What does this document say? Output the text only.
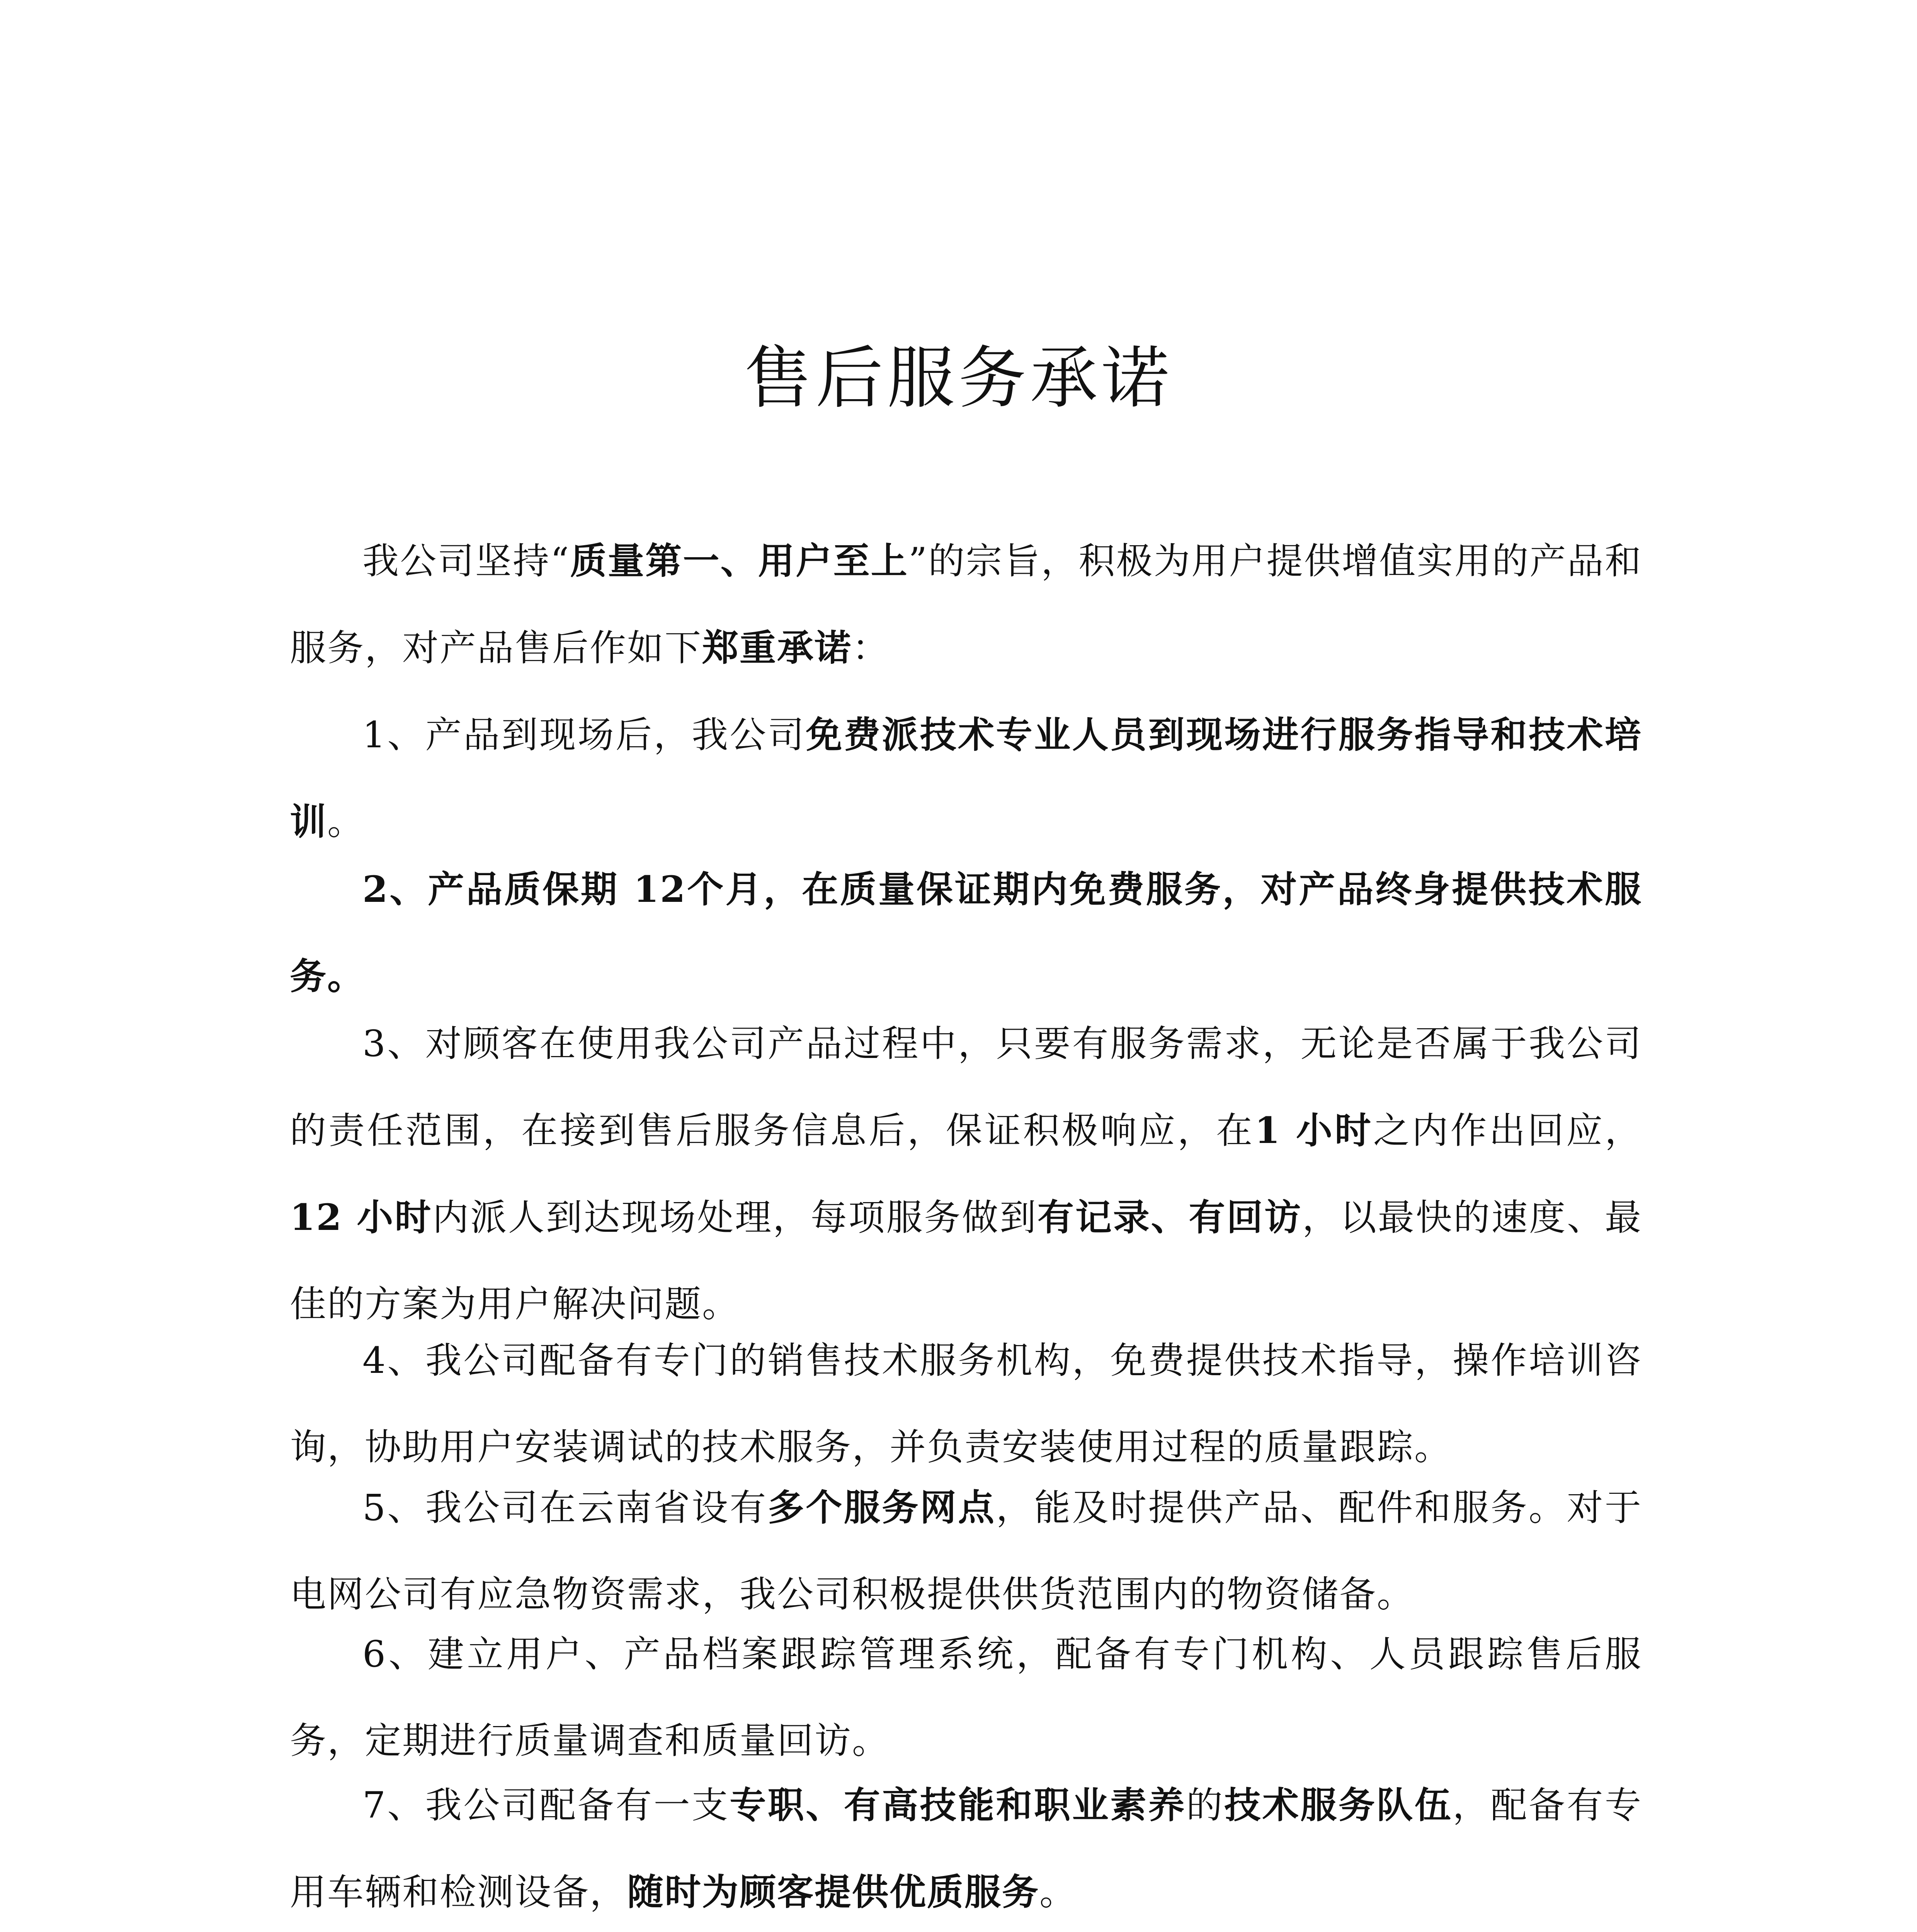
售后服务承诺

我公司坚持“质量第一、用户至上”的宗旨，积极为用户提供增值实用的产品和服务，对产品售后作如下郑重承诺：

1、产品到现场后，我公司免费派技术专业人员到现场进行服务指导和技术培训。

2、产品质保期 12个月，在质量保证期内免费服务，对产品终身提供技术服务。

3、对顾客在使用我公司产品过程中，只要有服务需求，无论是否属于我公司的责任范围，在接到售后服务信息后，保证积极响应，在1 小时之内作出回应，12 小时内派人到达现场处理，每项服务做到有记录、有回访，以最快的速度、最佳的方案为用户解决问题。

4、我公司配备有专门的销售技术服务机构，免费提供技术指导，操作培训咨询，协助用户安装调试的技术服务，并负责安装使用过程的质量跟踪。

5、我公司在云南省设有多个服务网点，能及时提供产品、配件和服务。对于电网公司有应急物资需求，我公司积极提供供货范围内的物资储备。

6、建立用户、产品档案跟踪管理系统，配备有专门机构、人员跟踪售后服务，定期进行质量调查和质量回访。

7、我公司配备有一支专职、有高技能和职业素养的技术服务队伍，配备有专用车辆和检测设备，随时为顾客提供优质服务。
